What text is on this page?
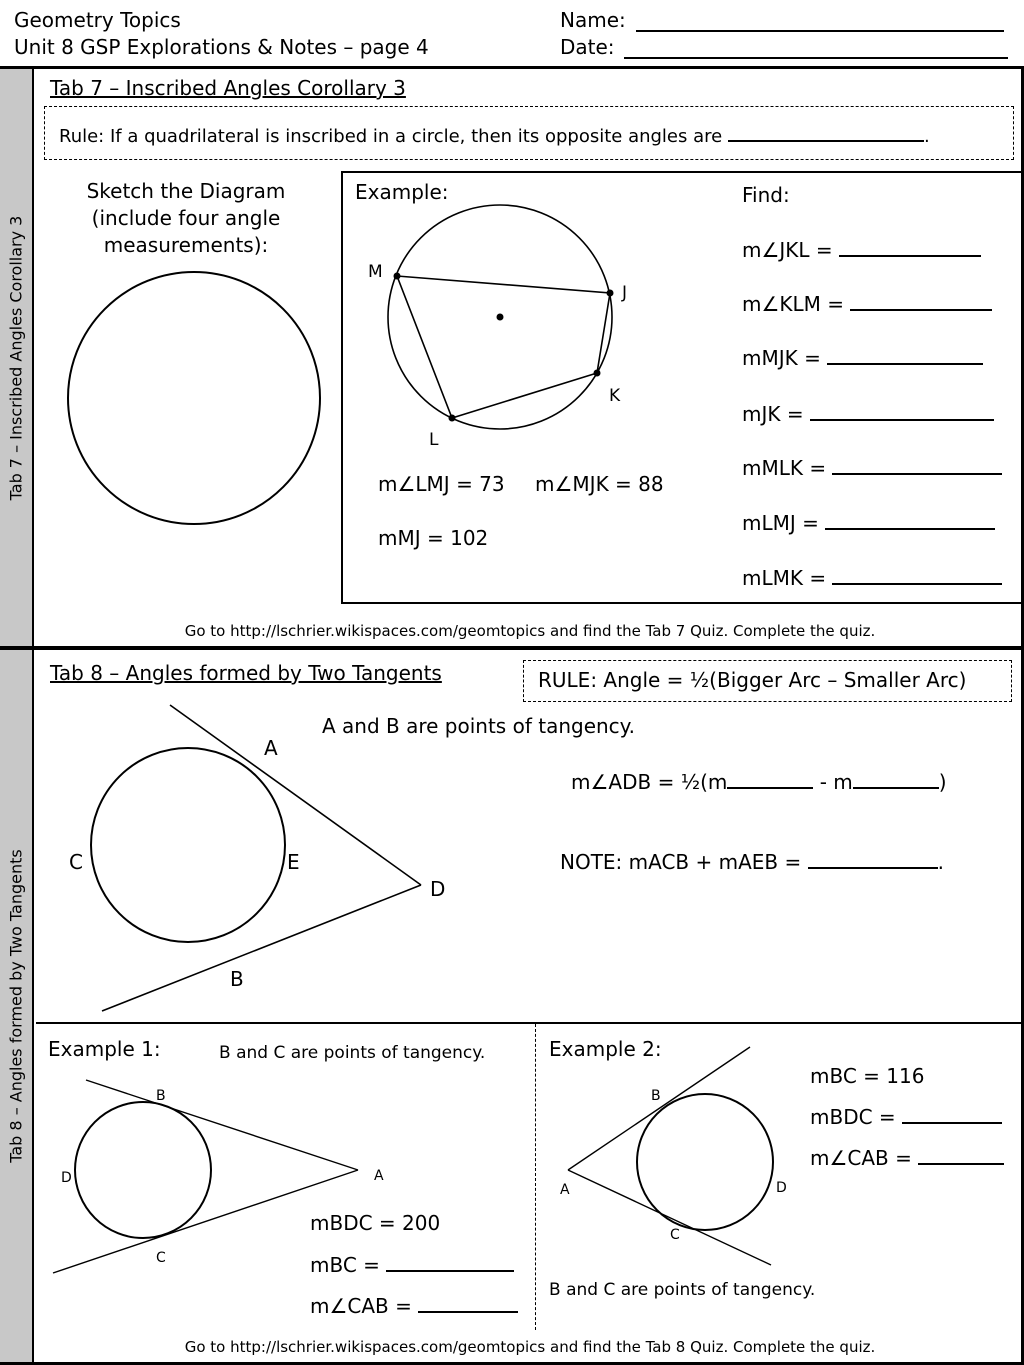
Geometry Topics
Unit 8 GSP Explorations & Notes – page 4
Name:
Date:
Tab 7 – Inscribed Angles Corollary 3
Tab 7 – Inscribed Angles Corollary 3
Rule: If a quadrilateral is inscribed in a circle, then its opposite angles are	.
Sketch the Diagram
(include four angle
measurements):
Example:
M
J
K
L
m∠LMJ = 73 m∠MJK = 88
mMJ = 102
Find:
m∠JKL =
m∠KLM =
mMJK =
mJK =
mMLK =
mLMJ =
mLMK =
Go to http://lschrier.wikispaces.com/geomtopics and find the Tab 7 Quiz. Complete the quiz.
Tab 8 – Angles formed by Two Tangents
Tab 8 – Angles formed by Two Tangents	RULE: Angle = ½(Bigger Arc – Smaller Arc)
A and B are points of tangency.
A
C	E
D
B
m∠ADB = ½(m	- m	)
NOTE: mACB + mAEB =	.
Example 1:	B and C are points of tangency.
B
D	A
C
mBDC = 200
mBC =
m∠CAB =
Example 2:
B
A	D
C
mBC = 116
mBDC =
m∠CAB =
B and C are points of tangency.
Go to http://lschrier.wikispaces.com/geomtopics and find the Tab 8 Quiz. Complete the quiz.
